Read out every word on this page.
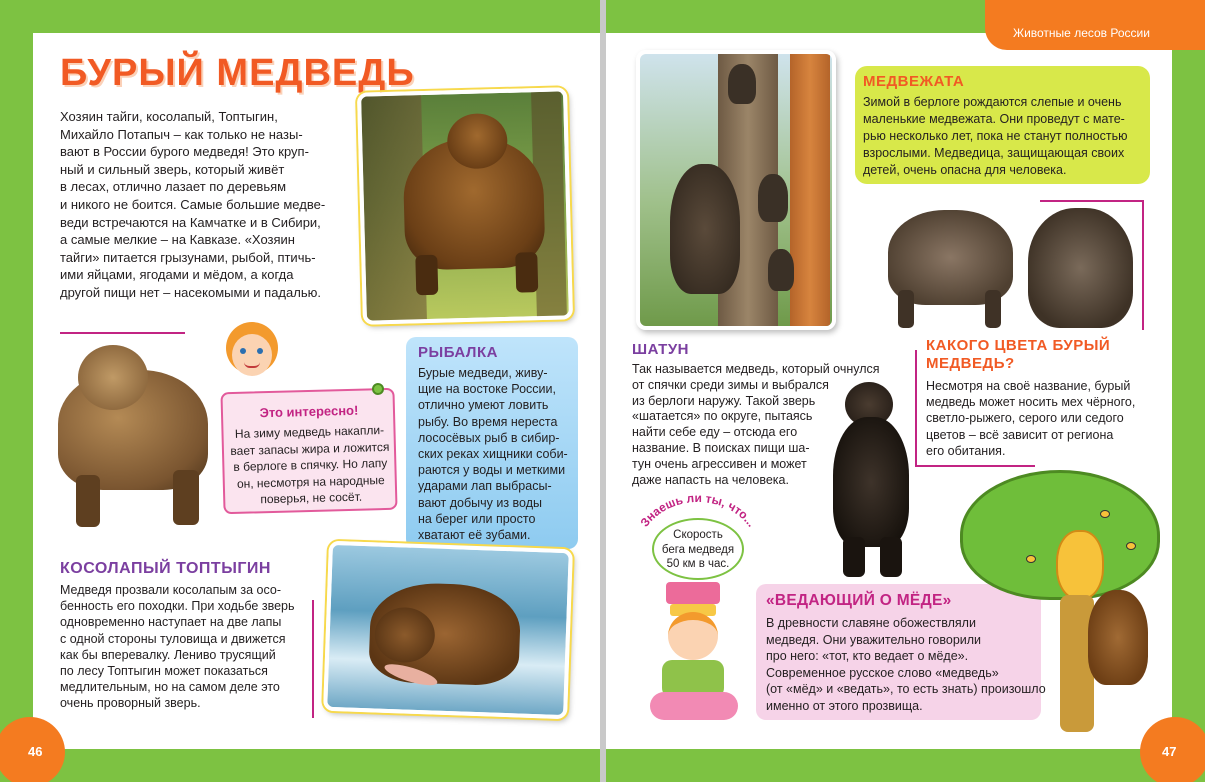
46	47
Животные лесов России
БУРЫЙ МЕДВЕДЬ
Хозяин тайги, косолапый, Топтыгин,
Михайло Потапыч – как только не назы-
вают в России бурого медведя! Это круп-
ный и сильный зверь, который живёт
в лесах, отлично лазает по деревьям
и никого не боится. Самые большие медве-
веди встречаются на Камчатке и в Сибири,
а самые мелкие – на Кавказе. «Хозяин
тайги» питается грызунами, рыбой, птичь-
ими яйцами, ягодами и мёдом, а когда
другой пищи нет – насекомыми и падалью.
Это интересно!
На зиму медведь накапли-
вает запасы жира и ложится
в берлоге в спячку. Но лапу
он, несмотря на народные
поверья, не сосёт.
РЫБАЛКА
Бурые медведи, живу-
щие на востоке России,
отлично умеют ловить
рыбу. Во время нереста
лососёвых рыб в сибир-
ских реках хищники соби-
раются у воды и меткими
ударами лап выбрасы-
вают добычу из воды
на берег или просто
хватают её зубами.
КОСОЛАПЫЙ ТОПТЫГИН
Медведя прозвали косолапым за осо-
бенность его походки. При ходьбе зверь
одновременно наступает на две лапы
с одной стороны туловища и движется
как бы вперевалку. Лениво трусящий
по лесу Топтыгин может показаться
медлительным, но на самом деле это
очень проворный зверь.
МЕДВЕЖАТА
Зимой в берлоге рождаются слепые и очень
маленькие медвежата. Они проведут с мате-
рью несколько лет, пока не станут полностью
взрослыми. Медведица, защищающая своих
детей, очень опасна для человека.
КАКОГО ЦВЕТА БУРЫЙ
МЕДВЕДЬ?
Несмотря на своё название, бурый
медведь может носить мех чёрного,
светло-рыжего, серого или седого
цветов – всё зависит от региона
его обитания.
ШАТУН
Так называется медведь, который очнулся
от спячки среди зимы и выбрался
из берлоги наружу. Такой зверь
«шатается» по округе, пытаясь
найти себе еду – отсюда его
название. В поисках пищи ша-
тун очень агрессивен и может
даже напасть на человека.
Знаешь ли ты, что...
Скорость
бега медведя
50 км в час.
«ВЕДАЮЩИЙ О МЁДЕ»
В древности славяне обожествляли
медведя. Они уважительно говорили
про него: «тот, кто ведает о мёде».
Современное русское слово «медведь»
(от «мёд» и «ведать», то есть знать) произошло
именно от этого прозвища.
